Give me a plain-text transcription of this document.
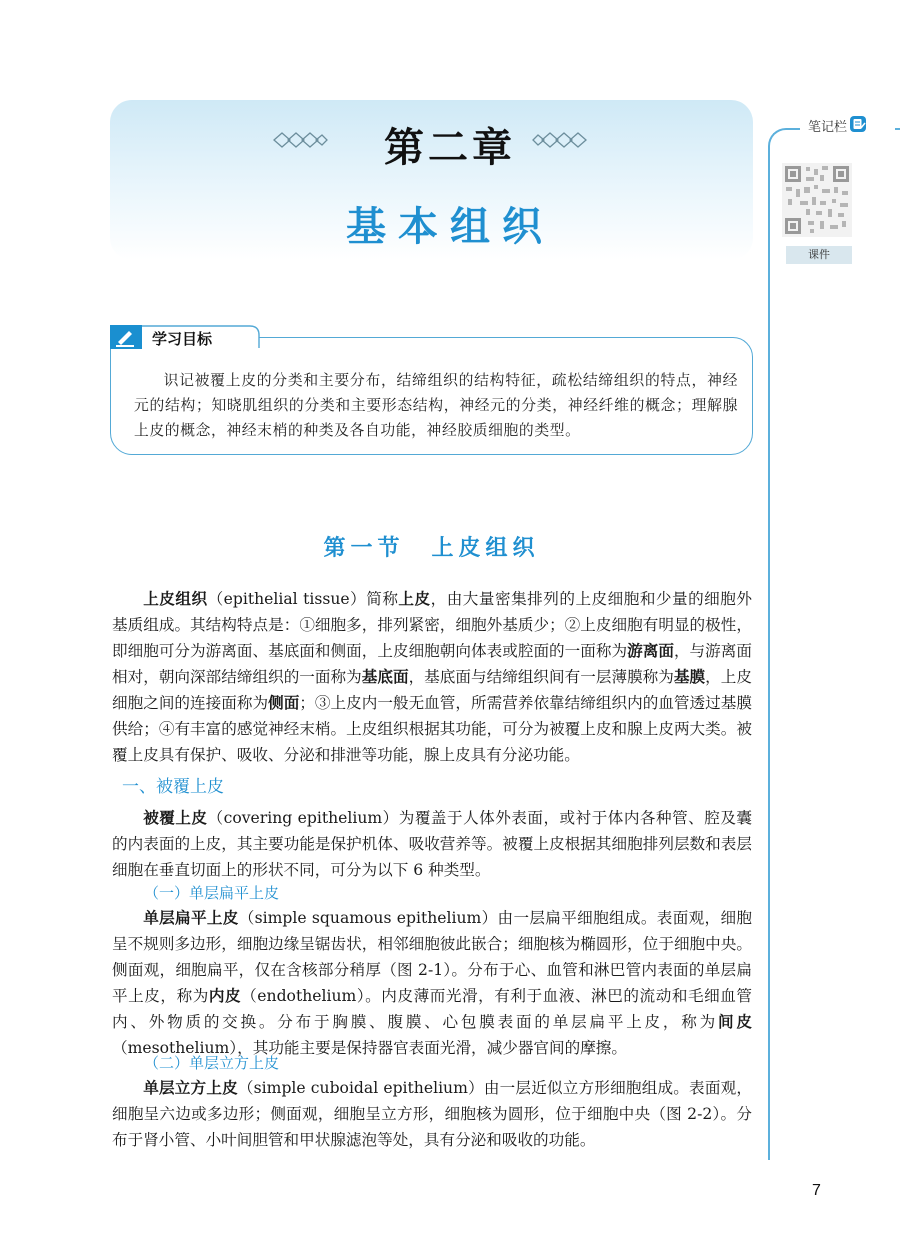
第二章
基本组织
笔记栏
课件
学习目标

识记被覆上皮的分类和主要分布，结缔组织的结构特征，疏松结缔组织的特点，神经元的结构；知晓肌组织的分类和主要形态结构，神经元的分类，神经纤维的概念；理解腺上皮的概念，神经末梢的种类及各自功能，神经胶质细胞的类型。

第一节　上皮组织

上皮组织（epithelial tissue）简称上皮，由大量密集排列的上皮细胞和少量的细胞外基质组成。其结构特点是：①细胞多，排列紧密，细胞外基质少；②上皮细胞有明显的极性，即细胞可分为游离面、基底面和侧面，上皮细胞朝向体表或腔面的一面称为游离面，与游离面相对，朝向深部结缔组织的一面称为基底面，基底面与结缔组织间有一层薄膜称为基膜，上皮细胞之间的连接面称为侧面；③上皮内一般无血管，所需营养依靠结缔组织内的血管透过基膜供给；④有丰富的感觉神经末梢。上皮组织根据其功能，可分为被覆上皮和腺上皮两大类。被覆上皮具有保护、吸收、分泌和排泄等功能，腺上皮具有分泌功能。

一、被覆上皮

被覆上皮（covering epithelium）为覆盖于人体外表面，或衬于体内各种管、腔及囊的内表面的上皮，其主要功能是保护机体、吸收营养等。被覆上皮根据其细胞排列层数和表层细胞在垂直切面上的形状不同，可分为以下 6 种类型。

（一）单层扁平上皮

单层扁平上皮（simple squamous epithelium）由一层扁平细胞组成。表面观，细胞呈不规则多边形，细胞边缘呈锯齿状，相邻细胞彼此嵌合；细胞核为椭圆形，位于细胞中央。侧面观，细胞扁平，仅在含核部分稍厚（图 2-1）。分布于心、血管和淋巴管内表面的单层扁平上皮，称为内皮（endothelium）。内皮薄而光滑，有利于血液、淋巴的流动和毛细血管内、外物质的交换。分布于胸膜、腹膜、心包膜表面的单层扁平上皮，称为间皮（mesothelium），其功能主要是保持器官表面光滑，减少器官间的摩擦。

（二）单层立方上皮

单层立方上皮（simple cuboidal epithelium）由一层近似立方形细胞组成。表面观，细胞呈六边或多边形；侧面观，细胞呈立方形，细胞核为圆形，位于细胞中央（图 2-2）。分布于肾小管、小叶间胆管和甲状腺滤泡等处，具有分泌和吸收的功能。

7
